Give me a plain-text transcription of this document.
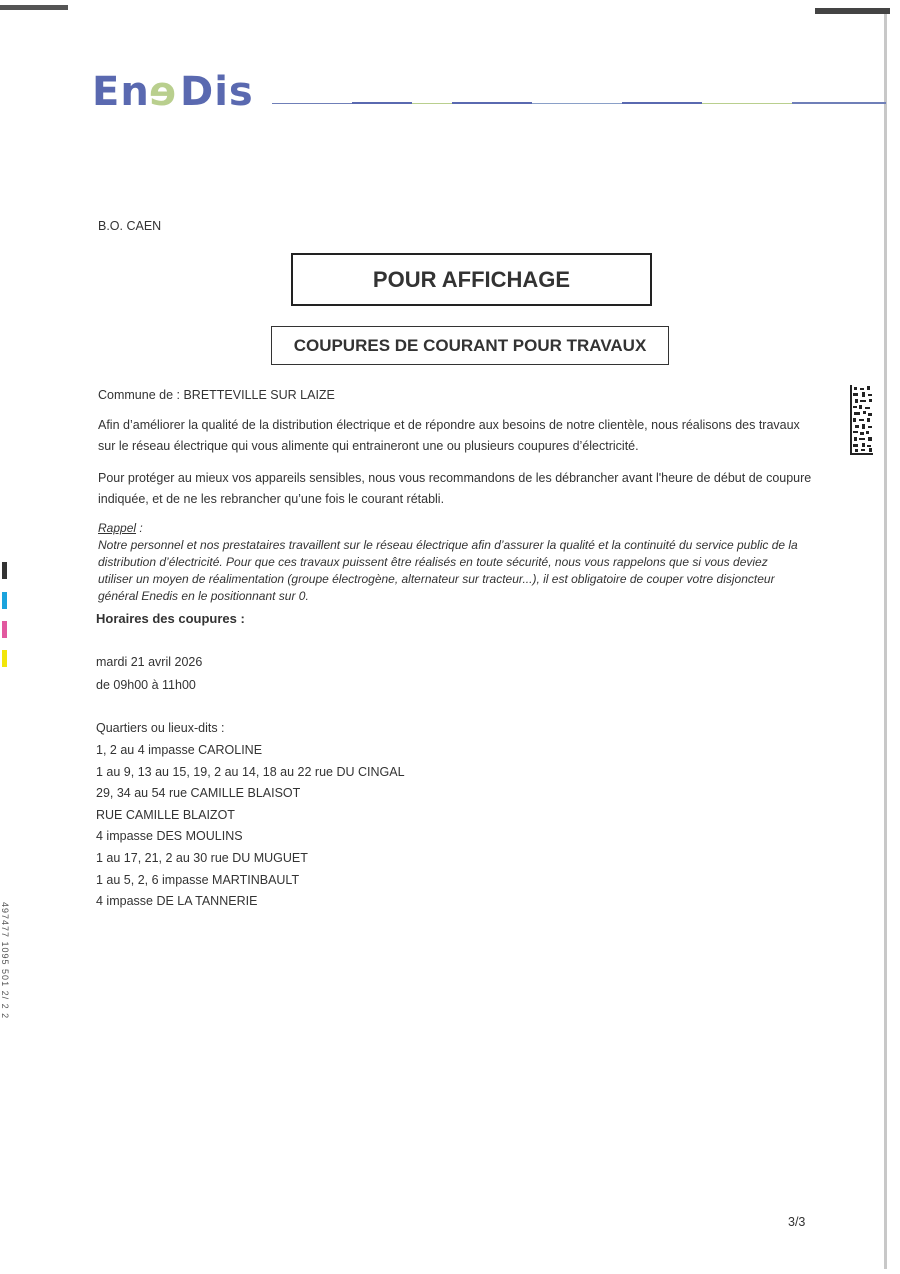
En e Dis
B.O. CAEN
POUR AFFICHAGE
COUPURES DE COURANT POUR TRAVAUX
Commune de : BRETTEVILLE SUR LAIZE
Afin d’améliorer la qualité de la distribution électrique et de répondre aux besoins de notre clientèle, nous réalisons des travaux sur le réseau électrique qui vous alimente qui entraineront une ou plusieurs coupures d’électricité.
Pour protéger au mieux vos appareils sensibles, nous vous recommandons de les débrancher avant l'heure de début de coupure indiquée, et de ne les rebrancher qu’une fois le courant rétabli.
Rappel :
Notre personnel et nos prestataires travaillent sur le réseau électrique afin d’assurer la qualité et la continuité du service public de la distribution d’électricité. Pour que ces travaux puissent être réalisés en toute sécurité, nous vous rappelons que si vous deviez utiliser un moyen de réalimentation (groupe électrogène, alternateur sur tracteur...), il est obligatoire de couper votre disjoncteur général Enedis en le positionnant sur 0.
Horaires des coupures :
mardi 21 avril 2026
de 09h00 à 11h00
Quartiers ou lieux-dits :
1, 2 au 4 impasse CAROLINE
1 au 9, 13 au 15, 19, 2 au 14, 18 au 22 rue DU CINGAL
29, 34 au 54 rue CAMILLE BLAISOT
RUE CAMILLE BLAIZOT
4 impasse DES MOULINS
1 au 17, 21, 2 au 30 rue DU MUGUET
1 au 5, 2, 6 impasse MARTINBAULT
4 impasse DE LA TANNERIE
497477 1095 501 2/ 2 2
3/3
